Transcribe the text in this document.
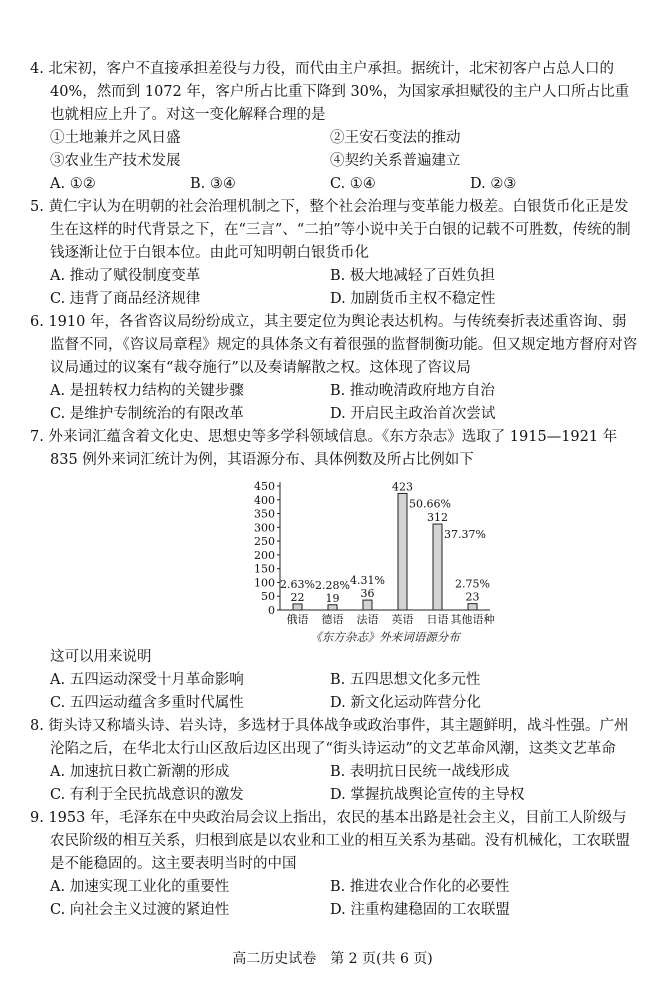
4. 北宋初，客户不直接承担差役与力役，而代由主户承担。据统计，北宋初客户占总人口的 40%，然而到 1072 年，客户所占比重下降到 30%，为国家承担赋役的主户人口所占比重也就相应上升了。对这一变化解释合理的是
①土地兼并之风日盛	②王安石变法的推动
③农业生产技术发展	④契约关系普遍建立
A. ①②	B. ③④	C. ①④	D. ②③
5. 黄仁宇认为在明朝的社会治理机制之下，整个社会治理与变革能力极差。白银货币化正是发生在这样的时代背景之下，在“三言”、“二拍”等小说中关于白银的记载不可胜数，传统的制钱逐渐让位于白银本位。由此可知明朝白银货币化
A. 推动了赋役制度变革	B. 极大地减轻了百姓负担
C. 违背了商品经济规律	D. 加剧货币主权不稳定性
6. 1910 年，各省咨议局纷纷成立，其主要定位为舆论表达机构。与传统奏折表述重咨询、弱监督不同，《咨议局章程》规定的具体条文有着很强的监督制衡功能。但又规定地方督府对咨议局通过的议案有“裁夺施行”以及奏请解散之权。这体现了咨议局
A. 是扭转权力结构的关键步骤	B. 推动晚清政府地方自治
C. 是维护专制统治的有限改革	D. 开启民主政治首次尝试
7. 外来词汇蕴含着文化史、思想史等多学科领域信息。《东方杂志》选取了 1915—1921 年 835 例外来词汇统计为例，其语源分布、具体例数及所占比例如下
0
50
100
150
200
250
300
350
400
450
22
2.63%
俄语
19
2.28%
德语
36
4.31%
法语
423
50.66%
英语
312
37.37%
日语
23
2.75%
其他语种
《东方杂志》外来词语源分布
这可以用来说明
A. 五四运动深受十月革命影响	B. 五四思想文化多元性
C. 五四运动蕴含多重时代属性	D. 新文化运动阵营分化
8. 街头诗又称墙头诗、岩头诗，多选材于具体战争或政治事件，其主题鲜明，战斗性强。广州沦陷之后，在华北太行山区敌后边区出现了“街头诗运动”的文艺革命风潮，这类文艺革命
A. 加速抗日救亡新潮的形成	B. 表明抗日民统一战线形成
C. 有利于全民抗战意识的激发	D. 掌握抗战舆论宣传的主导权
9. 1953 年，毛泽东在中央政治局会议上指出，农民的基本出路是社会主义，目前工人阶级与农民阶级的相互关系，归根到底是以农业和工业的相互关系为基础。没有机械化，工农联盟是不能稳固的。这主要表明当时的中国
A. 加速实现工业化的重要性	B. 推进农业合作化的必要性
C. 向社会主义过渡的紧迫性	D. 注重构建稳固的工农联盟
高二历史试卷　第 2 页(共 6 页)
